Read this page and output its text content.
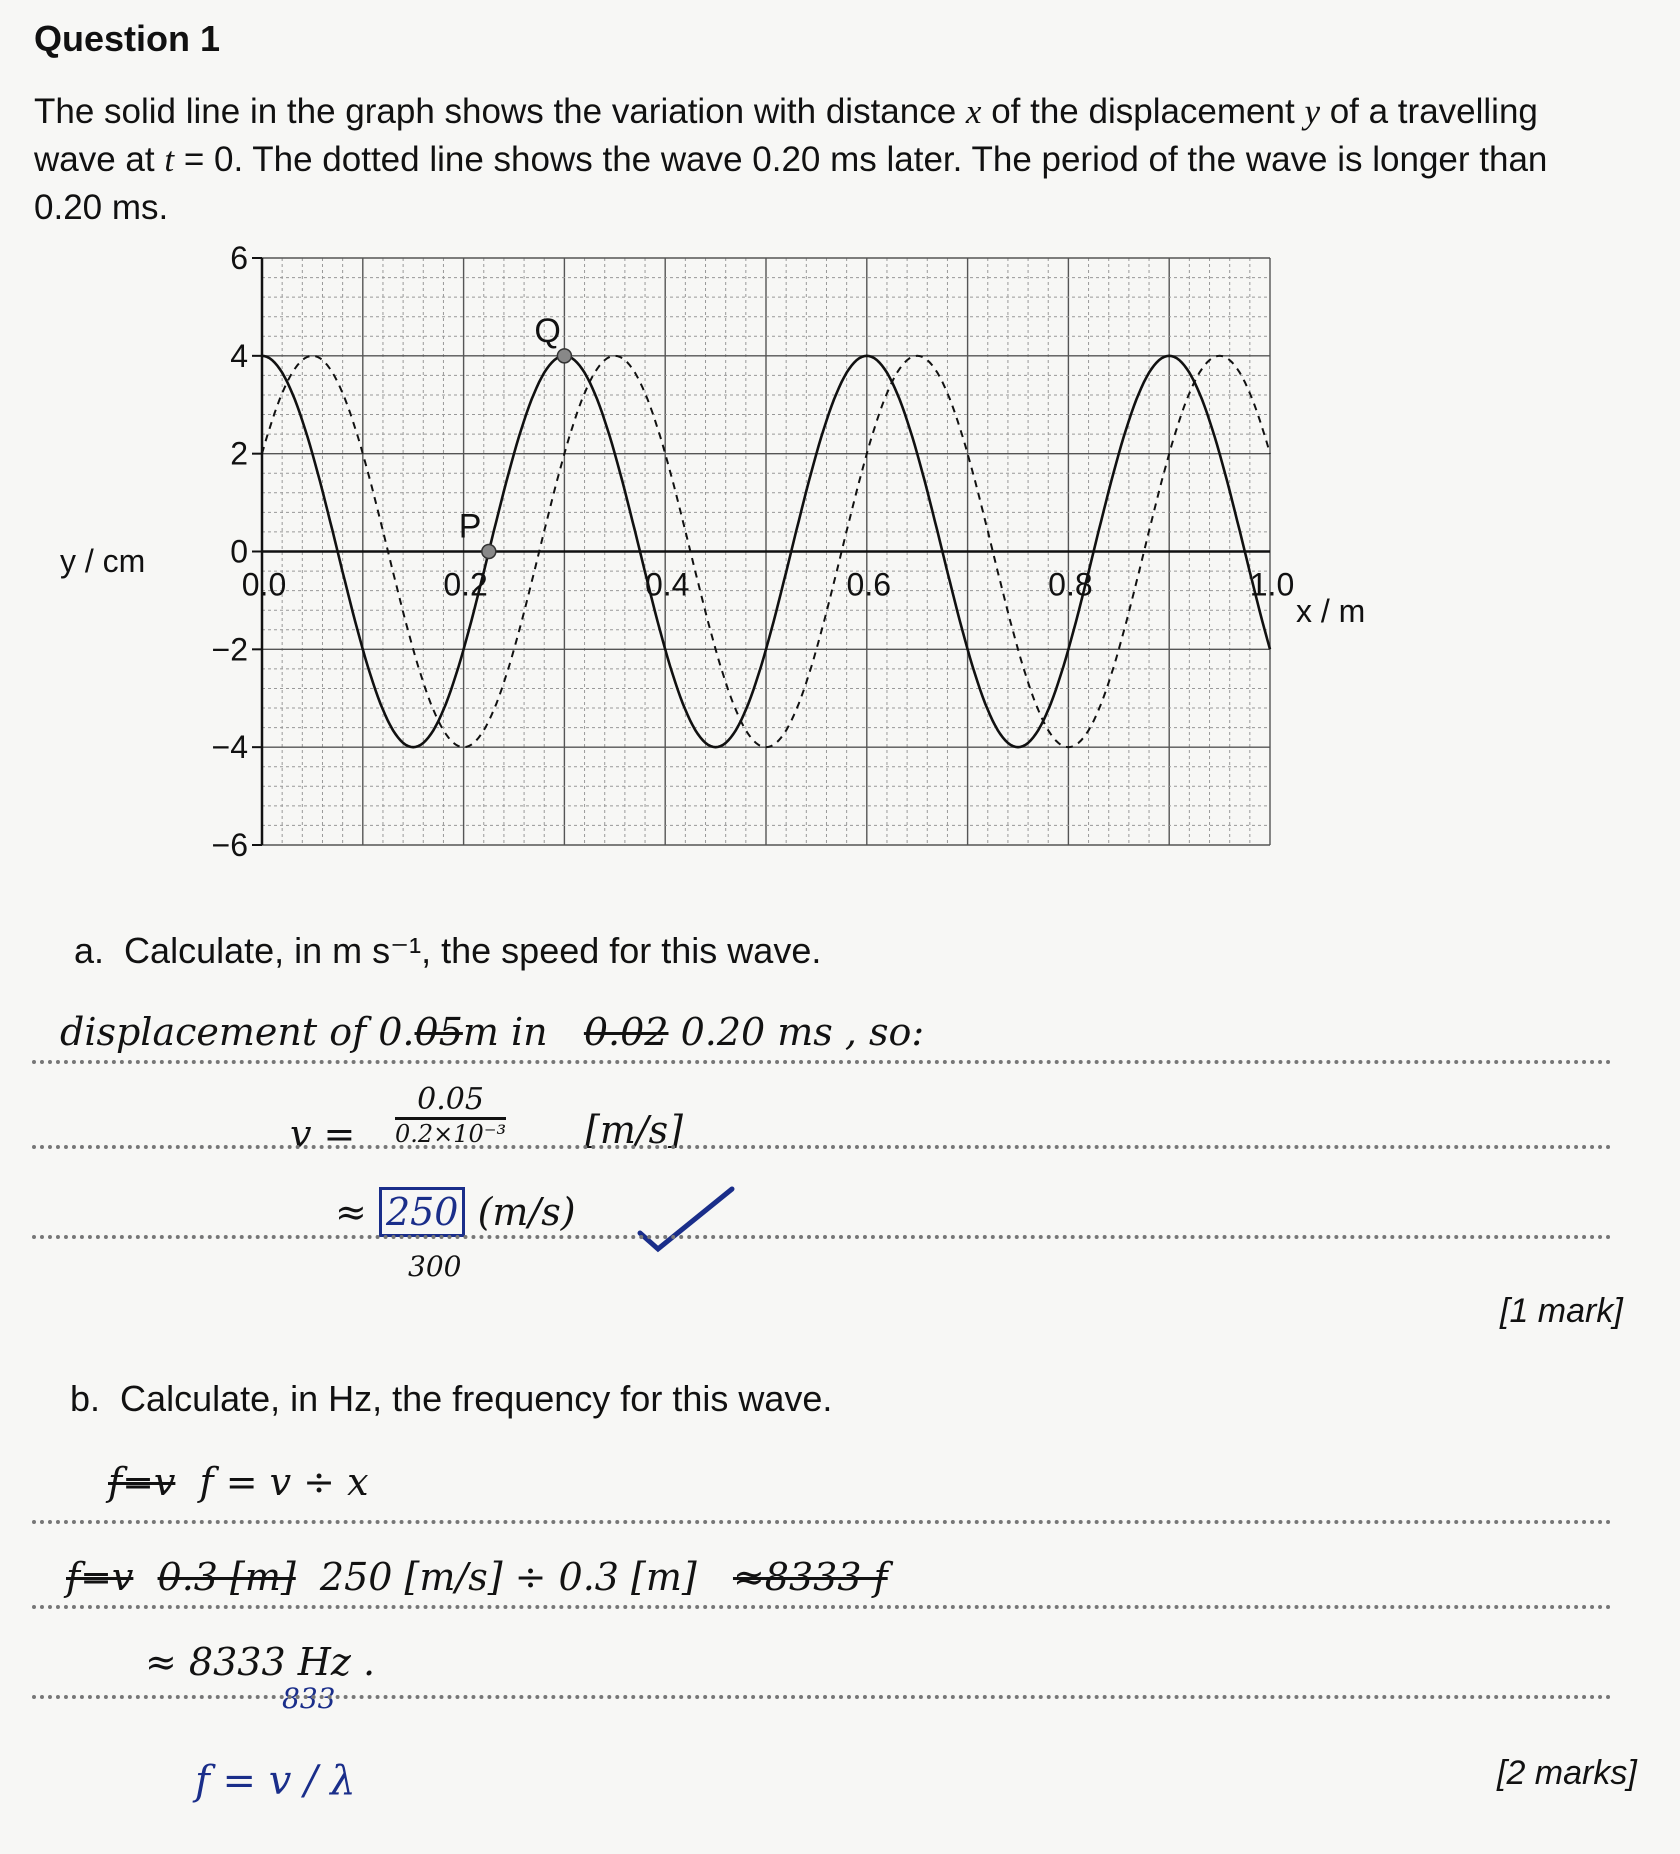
Question 1
The solid line in the graph shows the variation with distance x of the displacement y of a travelling wave at t = 0. The dotted line shows the wave 0.20 ms later. The period of the wave is longer than 0.20 ms.
6
4
2
0
−2
−4
−6
0.0	0.2	0.4	0.6	0.8	1.0
P
Q
y / cm
x / m
a. Calculate, in m s⁻¹, the speed for this wave.
displacement of 0.05m in 0.02 0.20 ms , so:
v =
0.05
0.2×10⁻³ [m/s]
≈ 250 (m/s)
300
[1 mark]
b. Calculate, in Hz, the frequency for this wave.
f=v f = v ÷ x
f=v 0.3 [m] 250 [m/s] ÷ 0.3 [m] ≈8333 f
≈ 8333 Hz .
833
f = v / λ	[2 marks]
